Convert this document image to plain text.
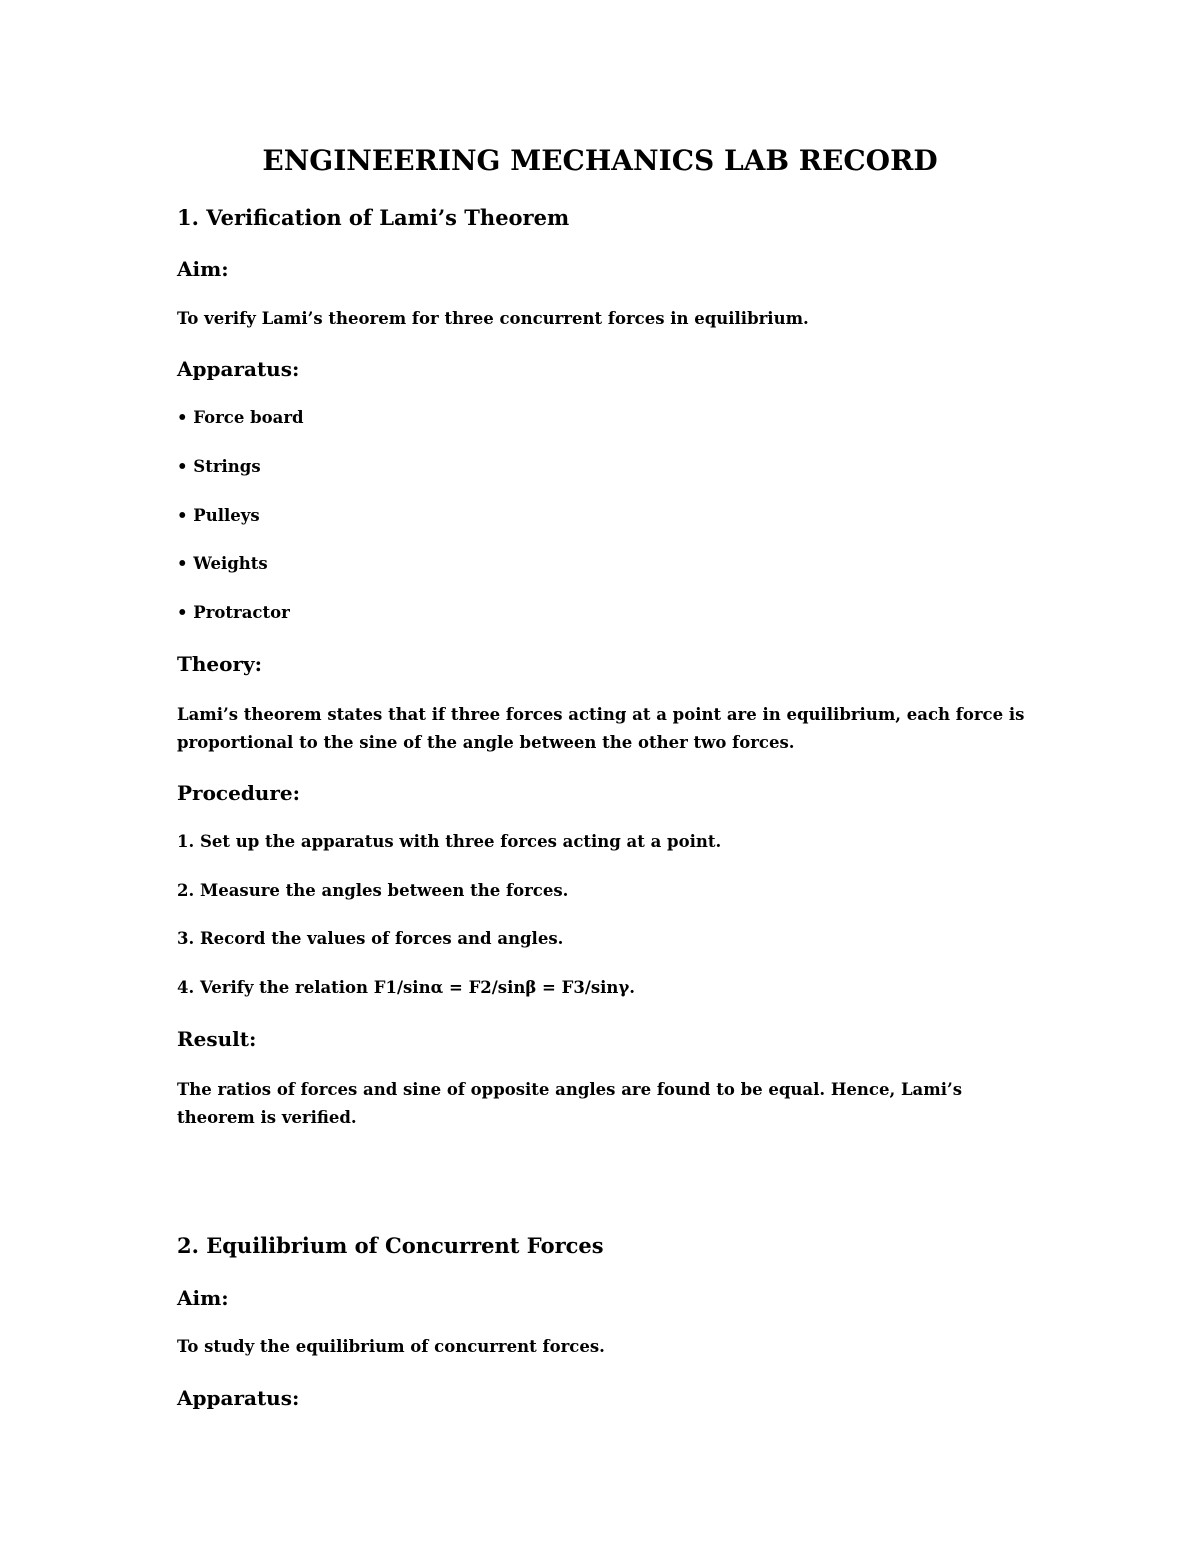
ENGINEERING MECHANICS LAB RECORD
1. Verification of Lami’s Theorem
Aim:

To verify Lami’s theorem for three concurrent forces in equilibrium.

Apparatus:

• Force board

• Strings

• Pulleys

• Weights

• Protractor

Theory:

Lami’s theorem states that if three forces acting at a point are in equilibrium, each force is proportional to the sine of the angle between the other two forces.

Procedure:

1. Set up the apparatus with three forces acting at a point.

2. Measure the angles between the forces.

3. Record the values of forces and angles.

4. Verify the relation F1/sinα = F2/sinβ = F3/sinγ.

Result:

The ratios of forces and sine of opposite angles are found to be equal. Hence, Lami’s theorem is verified.

2. Equilibrium of Concurrent Forces
Aim:

To study the equilibrium of concurrent forces.

Apparatus:
